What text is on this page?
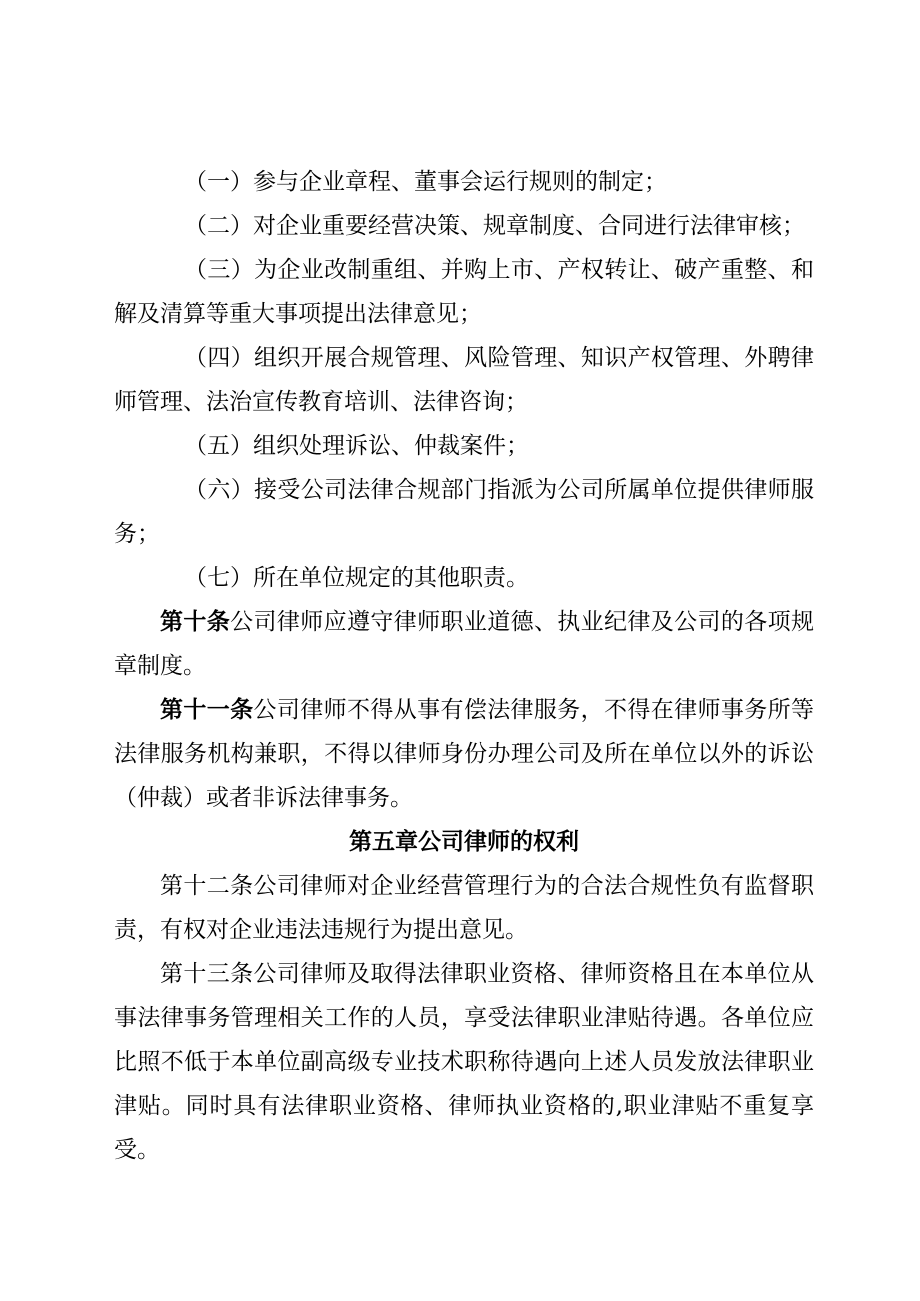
（一）参与企业章程、董事会运行规则的制定；

（二）对企业重要经营决策、规章制度、合同进行法律审核；

（三）为企业改制重组、并购上市、产权转让、破产重整、和解及清算等重大事项提出法律意见；

（四）组织开展合规管理、风险管理、知识产权管理、外聘律师管理、法治宣传教育培训、法律咨询；

（五）组织处理诉讼、仲裁案件；

（六）接受公司法律合规部门指派为公司所属单位提供律师服务；

（七）所在单位规定的其他职责。

第十条公司律师应遵守律师职业道德、执业纪律及公司的各项规章制度。

第十一条公司律师不得从事有偿法律服务，不得在律师事务所等法律服务机构兼职，不得以律师身份办理公司及所在单位以外的诉讼（仲裁）或者非诉法律事务。

第五章公司律师的权利

第十二条公司律师对企业经营管理行为的合法合规性负有监督职责，有权对企业违法违规行为提出意见。

第十三条公司律师及取得法律职业资格、律师资格且在本单位从事法律事务管理相关工作的人员，享受法律职业津贴待遇。各单位应比照不低于本单位副高级专业技术职称待遇向上述人员发放法律职业津贴。同时具有法律职业资格、律师执业资格的,职业津贴不重复享受。
